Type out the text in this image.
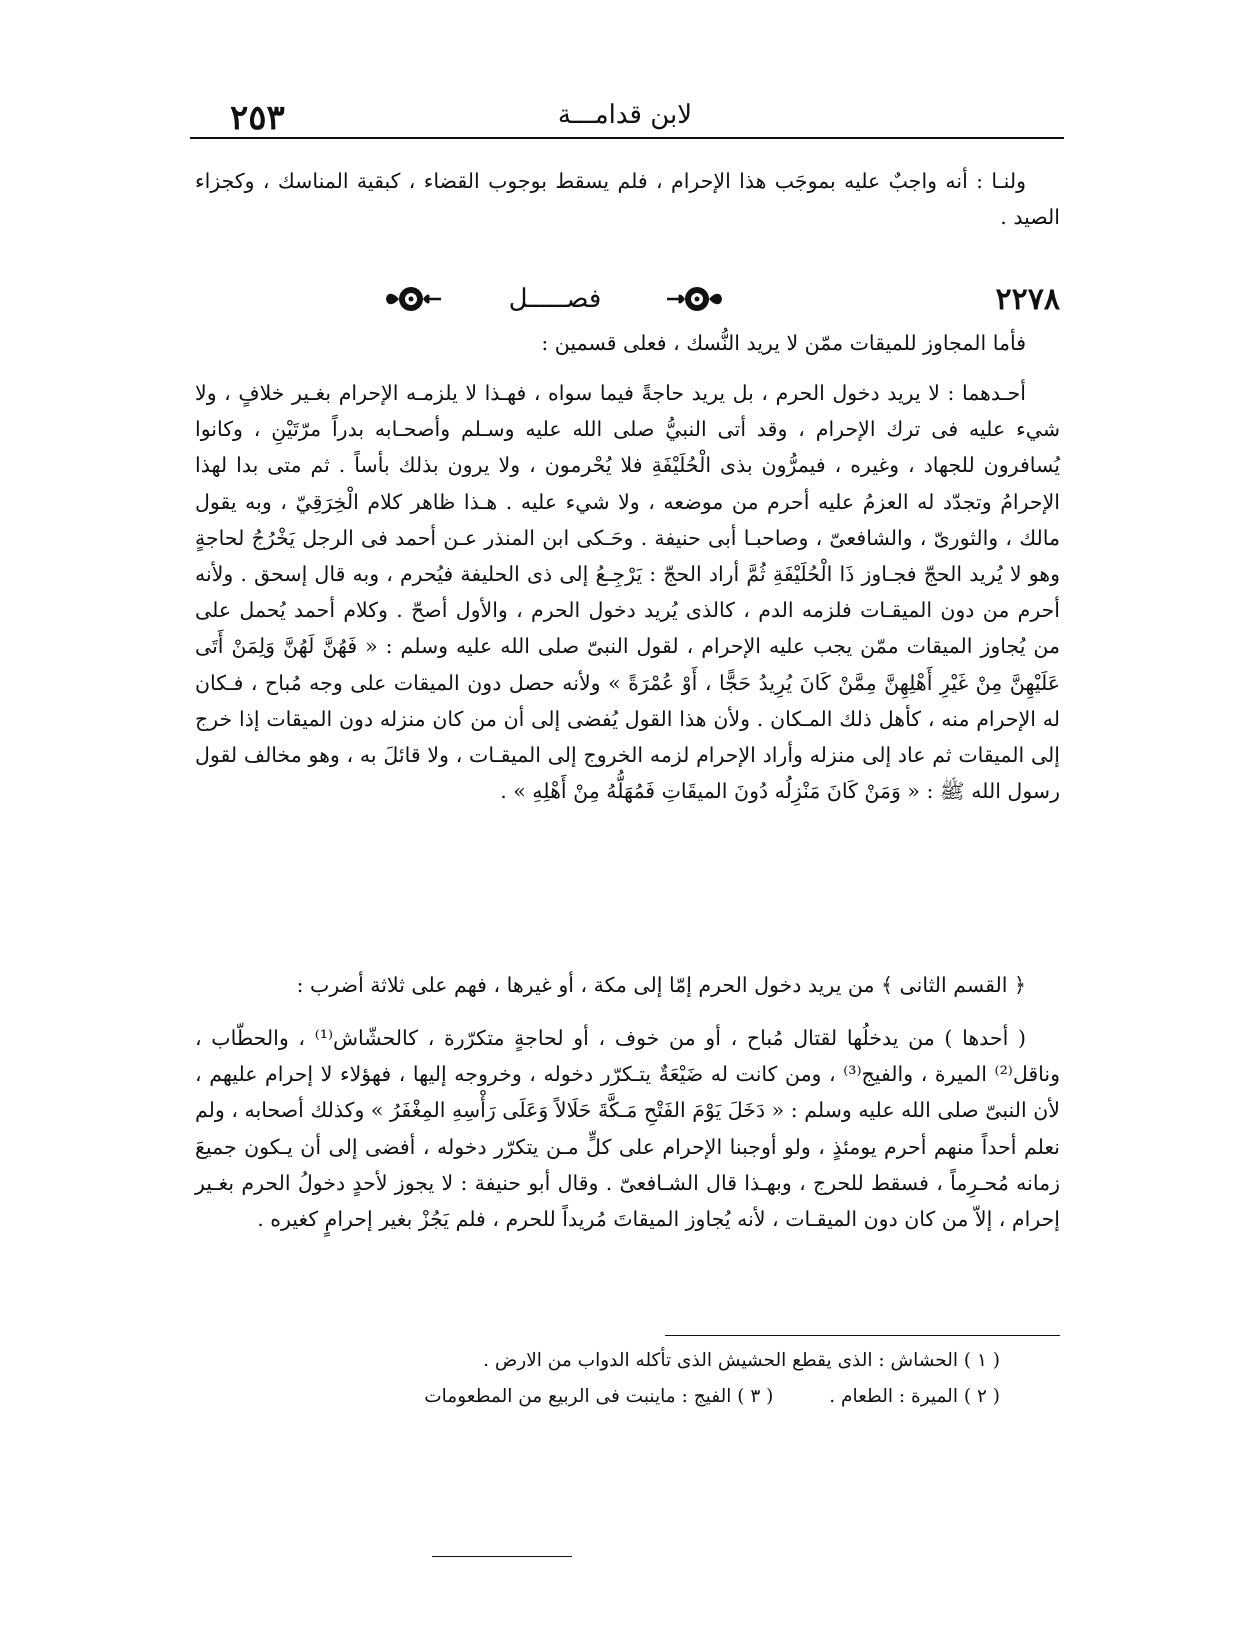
٢٥٣	لابن قدامـــة

ولنـا : أنه واجبٌ عليه بموجَب هذا الإحرام ، فلم يسقط بوجوب القضاء ، كبقية المناسك ، وكجزاء الصيد .

٢٢٧٨
فصـــــل

فأما المجاوز للميقات ممّن لا يريد النُّسك ، فعلى قسمين :

أحـدهما : لا يريد دخول الحرم ، بل يريد حاجةً فيما سواه ، فهـذا لا يلزمـه الإحرام بغـير خلافٍ ، ولا شيء عليه فى ترك الإحرام ، وقد أتى النبيُّ صلى الله عليه وسـلم وأصحـابه بدراً مرّتَيْنِ ، وكانوا يُسافرون للجهاد ، وغيره ، فيمرُّون بذى الْحُلَيْفَةِ فلا يُحْرمون ، ولا يرون بذلك بأساً . ثم متى بدا لهذا الإحرامُ وتجدّد له العزمُ عليه أحرم من موضعه ، ولا شيء عليه . هـذا ظاهر كلام الْخِرَقِيّ ، وبه يقول مالك ، والثورىّ ، والشافعىّ ، وصاحبـا أبى حنيفة . وحَـكى ابن المنذر عـن أحمد فى الرجل يَخْرُجُ لحاجةٍ وهو لا يُريد الحجّ فجـاوز ذَا الْحُلَيْفَةِ ثُمَّ أراد الحجّ : يَرْجِـعُ إلى ذى الحليفة فيُحرم ، وبه قال إسحق . ولأنه أحرم من دون الميقـات فلزمه الدم ، كالذى يُريد دخول الحرم ، والأول أصحّ . وكلام أحمد يُحمل على من يُجاوز الميقات ممّن يجب عليه الإحرام ، لقول النبىّ صلى الله عليه وسلم : « فَهُنَّ لَهُنَّ وَلِمَنْ أَتَى عَلَيْهِنَّ مِنْ غَيْرِ أَهْلِهِنَّ مِمَّنْ كَانَ يُرِيدُ حَجًّا ، أَوْ عُمْرَةً » ولأنه حصل دون الميقات على وجه مُباح ، فـكان له الإحرام منه ، كأهل ذلك المـكان . ولأن هذا القول يُفضى إلى أن من كان منزله دون الميقات إذا خرج إلى الميقات ثم عاد إلى منزله وأراد الإحرام لزمه الخروج إلى الميقـات ، ولا قائلَ به ، وهو مخالف لقول رسول الله ﷺ : « وَمَنْ كَانَ مَنْزِلُه دُونَ الميقَاتِ فَمُهَلُّهُ مِنْ أَهْلِهِ » .

﴿ القسم الثانى ﴾ من يريد دخول الحرم إمّا إلى مكة ، أو غيرها ، فهم على ثلاثة أضرب :

( أحدها ) من يدخلُها لقتال مُباح ، أو من خوف ، أو لحاجةٍ متكرّرة ، كالحشّاش⁽¹⁾ ، والحطّاب ، وناقل⁽²⁾ الميرة ، والفيج⁽³⁾ ، ومن كانت له ضَيْعَةٌ يتـكرّر دخوله ، وخروجه إليها ، فهؤلاء لا إحرام عليهم ، لأن النبىّ صلى الله عليه وسلم : « دَخَلَ يَوْمَ الفَتْحِ مَـكَّةَ حَلَالاً وَعَلَى رَأْسِهِ المِغْفَرُ » وكذلك أصحابه ، ولم نعلم أحداً منهم أحرم يومئذٍ ، ولو أوجبنا الإحرام على كلٍّ مـن يتكرّر دخوله ، أفضى إلى أن يـكون جميعَ زمانه مُحـرِماً ، فسقط للحرج ، وبهـذا قال الشـافعىّ . وقال أبو حنيفة : لا يجوز لأحدٍ دخولُ الحرم بغـير إحرام ، إلاّ من كان دون الميقـات ، لأنه يُجاوز الميقاتَ مُريداً للحرم ، فلم يَجُزْ بغير إحرامٍ كغيره .

( ١ ) الحشاش : الذى يقطع الحشيش الذى تأكله الدواب من الارض .
( ٢ ) الميرة : الطعام . ( ٣ ) الفيج : ماينبت فى الربيع من المطعومات
